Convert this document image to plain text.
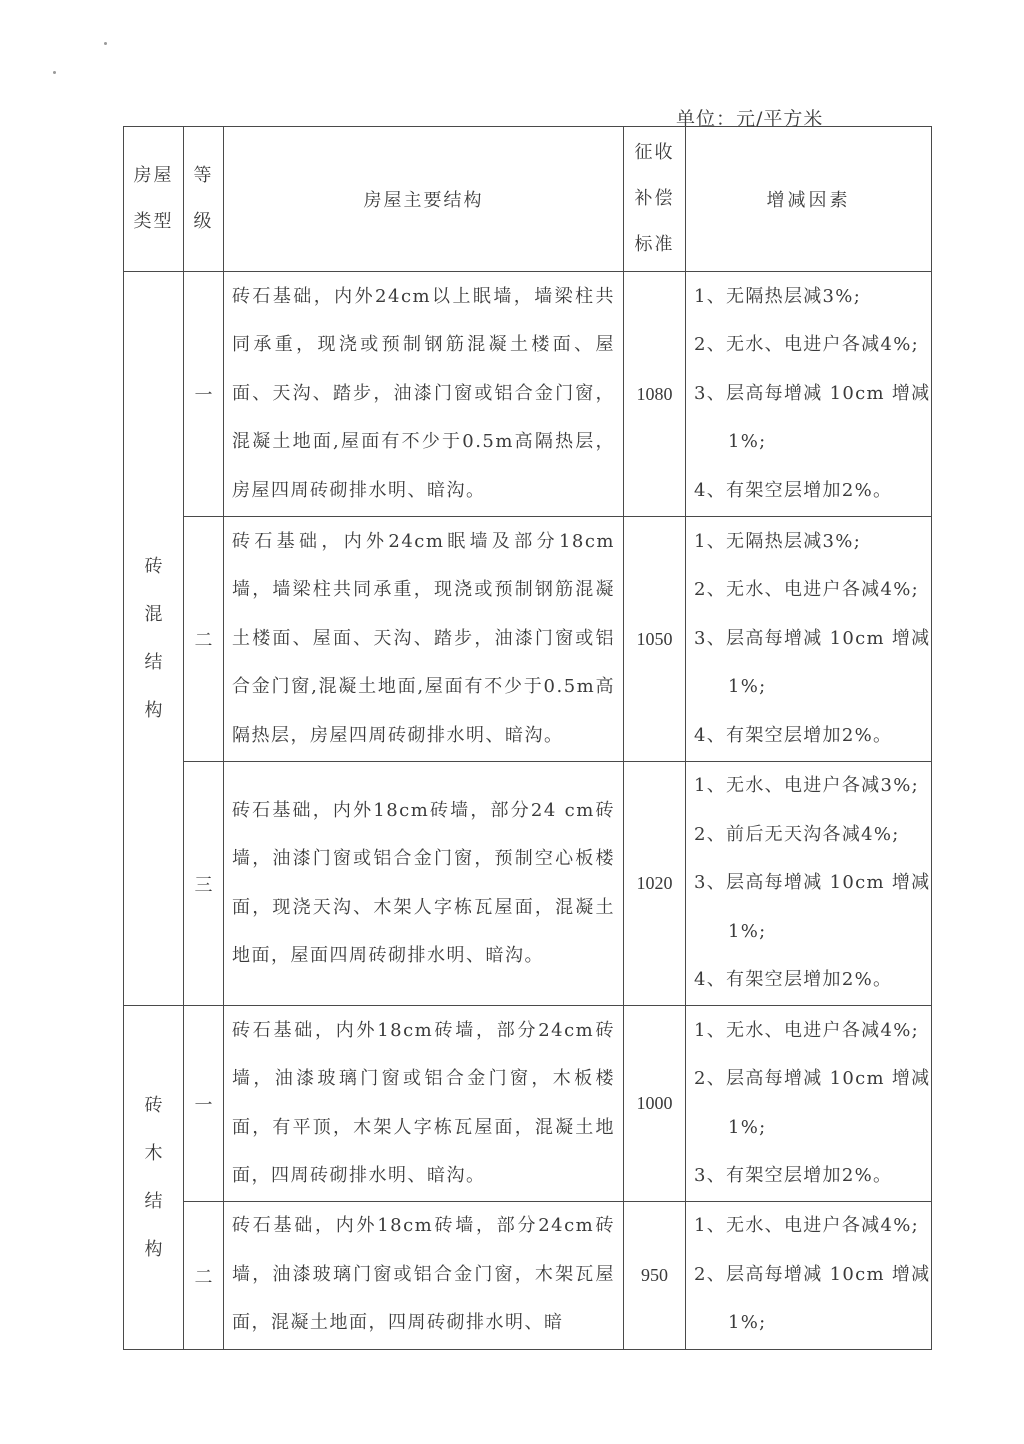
单位：元/平方米
房屋类型	等级	房屋主要结构	征收补偿标准	增减因素

砖混结构	一	砖石基础，内外24cm以上眠墙，墙梁柱共同承重，现浇或预制钢筋混凝土楼面、屋面、天沟、踏步，油漆门窗或铝合金门窗，混凝土地面,屋面有不少于0.5m高隔热层，房屋四周砖砌排水明、暗沟。	1080	1、无隔热层减3%;
2、无水、电进户各减4%;
3、层高每增减 10cm 增减
1%;
4、有架空层增加2%。

	二	砖石基础，内外24cm眠墙及部分18cm墙，墙梁柱共同承重，现浇或预制钢筋混凝土楼面、屋面、天沟、踏步，油漆门窗或铝合金门窗,混凝土地面,屋面有不少于0.5m高隔热层，房屋四周砖砌排水明、暗沟。	1050	1、无隔热层减3%;
2、无水、电进户各减4%;
3、层高每增减 10cm 增减
1%;
4、有架空层增加2%。

	三	砖石基础，内外18cm砖墙，部分24 cm砖墙，油漆门窗或铝合金门窗，预制空心板楼面，现浇天沟、木架人字栋瓦屋面，混凝土地面，屋面四周砖砌排水明、暗沟。	1020	1、无水、电进户各减3%;
2、前后无天沟各减4%;
3、层高每增减 10cm 增减
1%;
4、有架空层增加2%。

砖木结构	一	砖石基础，内外18cm砖墙，部分24cm砖墙，油漆玻璃门窗或铝合金门窗，木板楼面，有平顶，木架人字栋瓦屋面，混凝土地面，四周砖砌排水明、暗沟。	1000	1、无水、电进户各减4%;
2、层高每增减 10cm 增减
1%;
3、有架空层增加2%。

	二	砖石基础，内外18cm砖墙，部分24cm砖墙，油漆玻璃门窗或铝合金门窗，木架瓦屋面，混凝土地面，四周砖砌排水明、暗	950	1、无水、电进户各减4%;
2、层高每增减 10cm 增减
1%;
